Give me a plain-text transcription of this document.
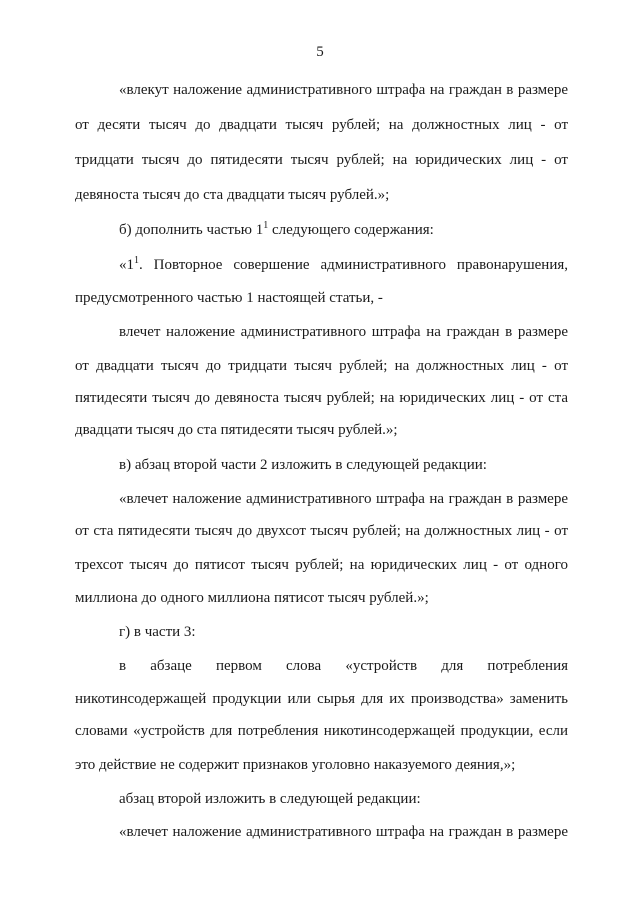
5
«влекут наложение административного штрафа на граждан в размере
от десяти тысяч до двадцати тысяч рублей; на должностных лиц - от
тридцати тысяч до пятидесяти тысяч рублей; на юридических лиц - от
девяноста тысяч до ста двадцати тысяч рублей.»;
б) дополнить частью $1^1$ следующего содержания:
«$1^1$. Повторное совершение административного правонарушения,
предусмотренного частью 1 настоящей статьи, -
влечет наложение административного штрафа на граждан в размере
от двадцати тысяч до тридцати тысяч рублей; на должностных лиц - от
пятидесяти тысяч до девяноста тысяч рублей; на юридических лиц - от ста
двадцати тысяч до ста пятидесяти тысяч рублей.»;
в) абзац второй части 2 изложить в следующей редакции:
«влечет наложение административного штрафа на граждан в размере
от ста пятидесяти тысяч до двухсот тысяч рублей; на должностных лиц - от
трехсот тысяч до пятисот тысяч рублей; на юридических лиц - от одного
миллиона до одного миллиона пятисот тысяч рублей.»;
г) в части 3:
в абзаце первом слова «устройств для потребления
никотинсодержащей продукции или сырья для их производства» заменить
словами «устройств для потребления никотинсодержащей продукции, если
это действие не содержит признаков уголовно наказуемого деяния,»;
абзац второй изложить в следующей редакции:
«влечет наложение административного штрафа на граждан в размере
